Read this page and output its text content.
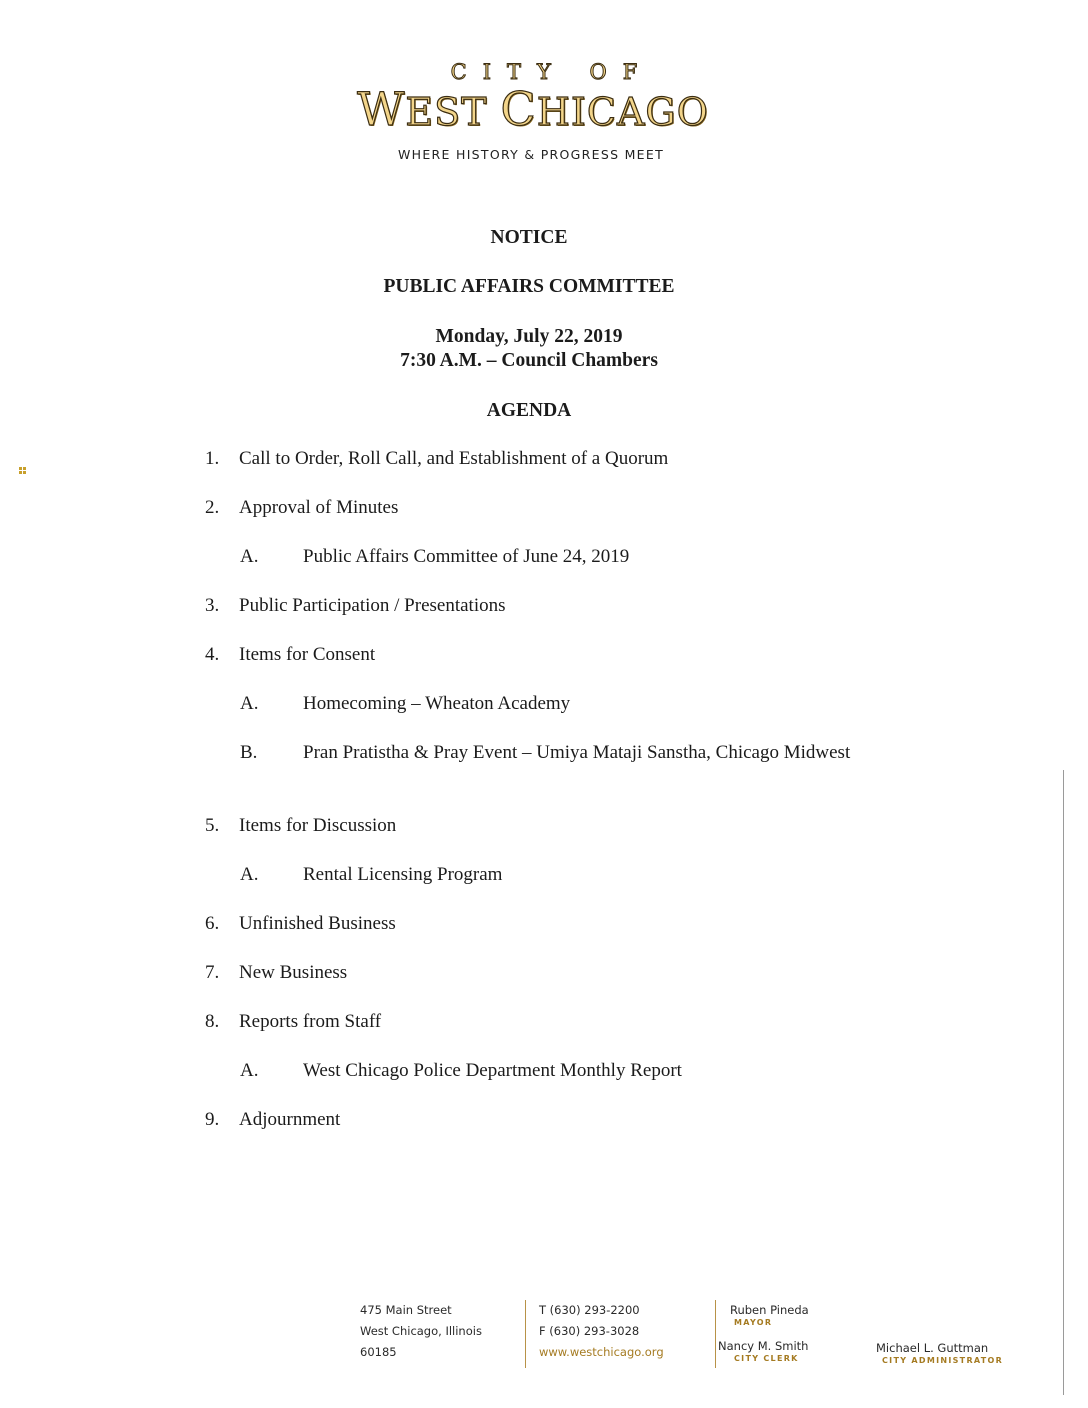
CITY OF
WEST CHICAGO
WHERE HISTORY & PROGRESS MEET
NOTICE
PUBLIC AFFAIRS COMMITTEE
Monday, July 22, 2019
7:30 A.M. – Council Chambers
AGENDA
1.	Call to Order, Roll Call, and Establishment of a Quorum
2.	Approval of Minutes
A. Public Affairs Committee of June 24, 2019
3.	Public Participation / Presentations
4.	Items for Consent
A. Homecoming – Wheaton Academy
B. Pran Pratistha & Pray Event – Umiya Mataji Sanstha, Chicago Midwest
5.	Items for Discussion
A. Rental Licensing Program
6.	Unfinished Business
7.	New Business
8.	Reports from Staff
A. West Chicago Police Department Monthly Report
9.	Adjournment
475 Main Street
West Chicago, Illinois
60185
T (630) 293-2200
F (630) 293-3028
www.westchicago.org
Ruben Pineda
MAYOR
Nancy M. Smith
CITY CLERK
Michael L. Guttman
CITY ADMINISTRATOR
